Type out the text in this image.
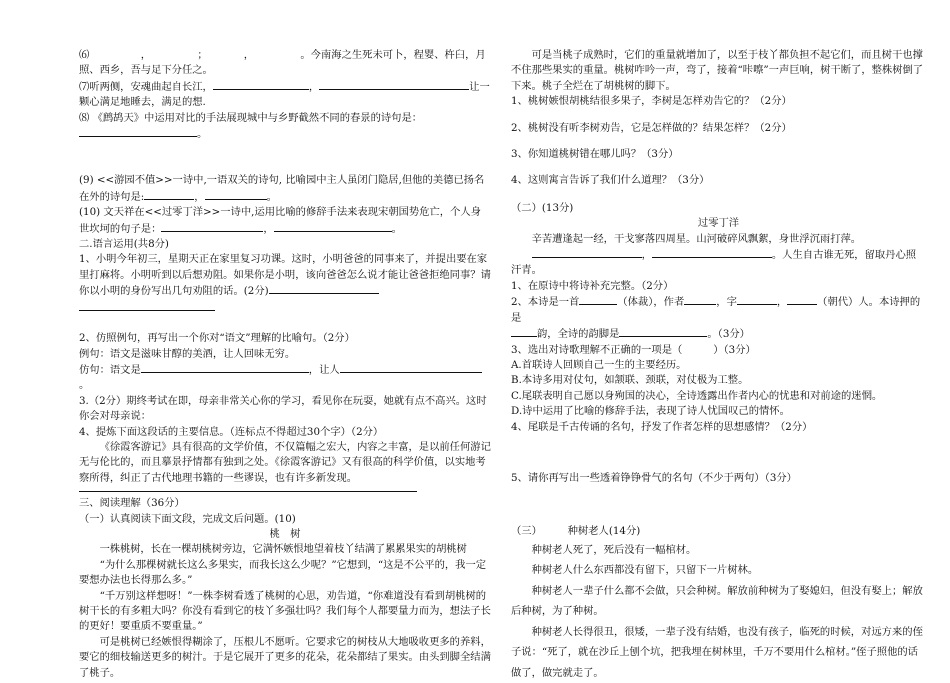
⑹　　　　　，　　　　　；　　　　，　　　　　。今南海之生死未可卜，程婴、杵臼，月照、西乡，吾与足下分任之。

⑺听两侧，安魂曲起自长江，	，	让一颗心满足地睡去，满足的想.

⑻ 《鹧鸪天》中运用对比的手法展现城中与乡野截然不同的春景的诗句是：

。

(9) <<游园不值>>一诗中,一语双关的诗句, 比喻园中主人虽闭门隐居,但他的美德已扬名在外的诗句是:	，	。

(10) 文天祥在<<过零丁洋>>一诗中,运用比喻的修辞手法来表现宋朝国势危亡，个人身世坎坷的句子是：	，	。

二.语言运用(共8分)

1、小明今年初三，星期天正在家里复习功课。这时，小明爸爸的同事来了，并提出要在家里打麻将。小明听到以后想劝阻。如果你是小明，该向爸爸怎么说才能让爸爸拒绝同事？请你以小明的身份写出几句劝阻的话。(2分)

2、仿照例句，再写出一个你对“语文”理解的比喻句。（2分）

例句：语文是滋味甘醇的美酒，让人回味无穷。

仿句：语文是	，让人。

3.（2分）期终考试在即，母亲非常关心你的学习，看见你在玩耍，她就有点不高兴。这时你会对母亲说：

4、提炼下面这段话的主要信息。（连标点不得超过30个字）（2分）

《徐霞客游记》具有很高的文学价值，不仅篇幅之宏大，内容之丰富，是以前任何游记无与伦比的，而且摹景抒情都有独到之处。《徐霞客游记》又有很高的科学价值，以实地考察所得，纠正了古代地理书籍的一些谬误，也有许多新发现。

三、阅读理解（36分）

（一）认真阅读下面文段，完成文后问题。(10)

桃　树

一株桃树，长在一棵胡桃树旁边，它满怀嫉恨地望着枝丫结满了累累果实的胡桃树

“为什么那棵树就长这么多果实，而我长这么少呢？”它想到，“这是不公平的，我一定要想办法也长得那么多。”

“千万别这样想呀！”一株李树看透了桃树的心思，劝告道，“你难道没有看到胡桃树的树干长的有多粗大吗？你没有看到它的枝丫多强壮吗？我们每个人都要量力而为，想法子长的更好！要重质不要重量。”

可是桃树已经嫉恨得糊涂了，压根儿不愿听。它要求它的树枝从大地吸收更多的养料，要它的细枝输送更多的树汁。于是它展开了更多的花朵，花朵都结了果实。由头到脚全结满了桃子。

可是当桃子成熟时，它们的重量就增加了，以至于枝丫都负担不起它们，而且树干也撑不住那些果实的重量。桃树咋吟一声，弯了，接着“咔嚓”一声巨响，树干断了，整株树倒了下来。桃子全烂在了胡桃树的脚下。

1、桃树嫉恨胡桃结很多果子，李树是怎样劝告它的？（2分）

2、桃树没有听李树劝告，它是怎样做的？结果怎样？（2分）

3、你知道桃树错在哪儿吗？（3分）

4、这则寓言告诉了我们什么道理？（3分）

（二）(13分)

过零丁洋

辛苦遭逢起一经，干戈寥落四周星。山河破碎风飘絮，身世浮沉雨打萍。

，	。人生自古谁无死，留取丹心照汗青。

1、在原诗中将诗补充完整。（2分）

2、本诗是一首	（体裁），作者	，字	，	（朝代）人。本诗押的是
韵，全诗的韵脚是	。（3分）

3、选出对诗歌理解不正确的一项是（　　　）（3分）

A.首联诗人回顾自己一生的主要经历。

B.本诗多用对仗句，如颔联、颈联，对仗极为工整。

C.尾联表明自己愿以身殉国的决心，全诗透露出作者内心的忧患和对前途的迷惘。

D.诗中运用了比喻的修辞手法，表现了诗人忧国叹己的情怀。

4、尾联是千古传诵的名句，抒发了作者怎样的思想感情？（2分）

5、请你再写出一些透着铮铮骨气的名句（不少于两句）（3分）

（三）　　　种树老人(14分)

种树老人死了，死后没有一幅棺材。

种树老人什么东西都没有留下，只留下一片树林。

种树老人一辈子什么都不会做，只会种树。解放前种树为了娶媳妇，但没有娶上；解放后种树，为了种树。

种树老人长得很丑，很矮，一辈子没有结婚，也没有孩子，临死的时候，对远方来的侄子说：“死了，就在沙丘上刨个坑，把我埋在树林里，千万不要用什么棺材。”侄子照他的话做了，做完就走了。
